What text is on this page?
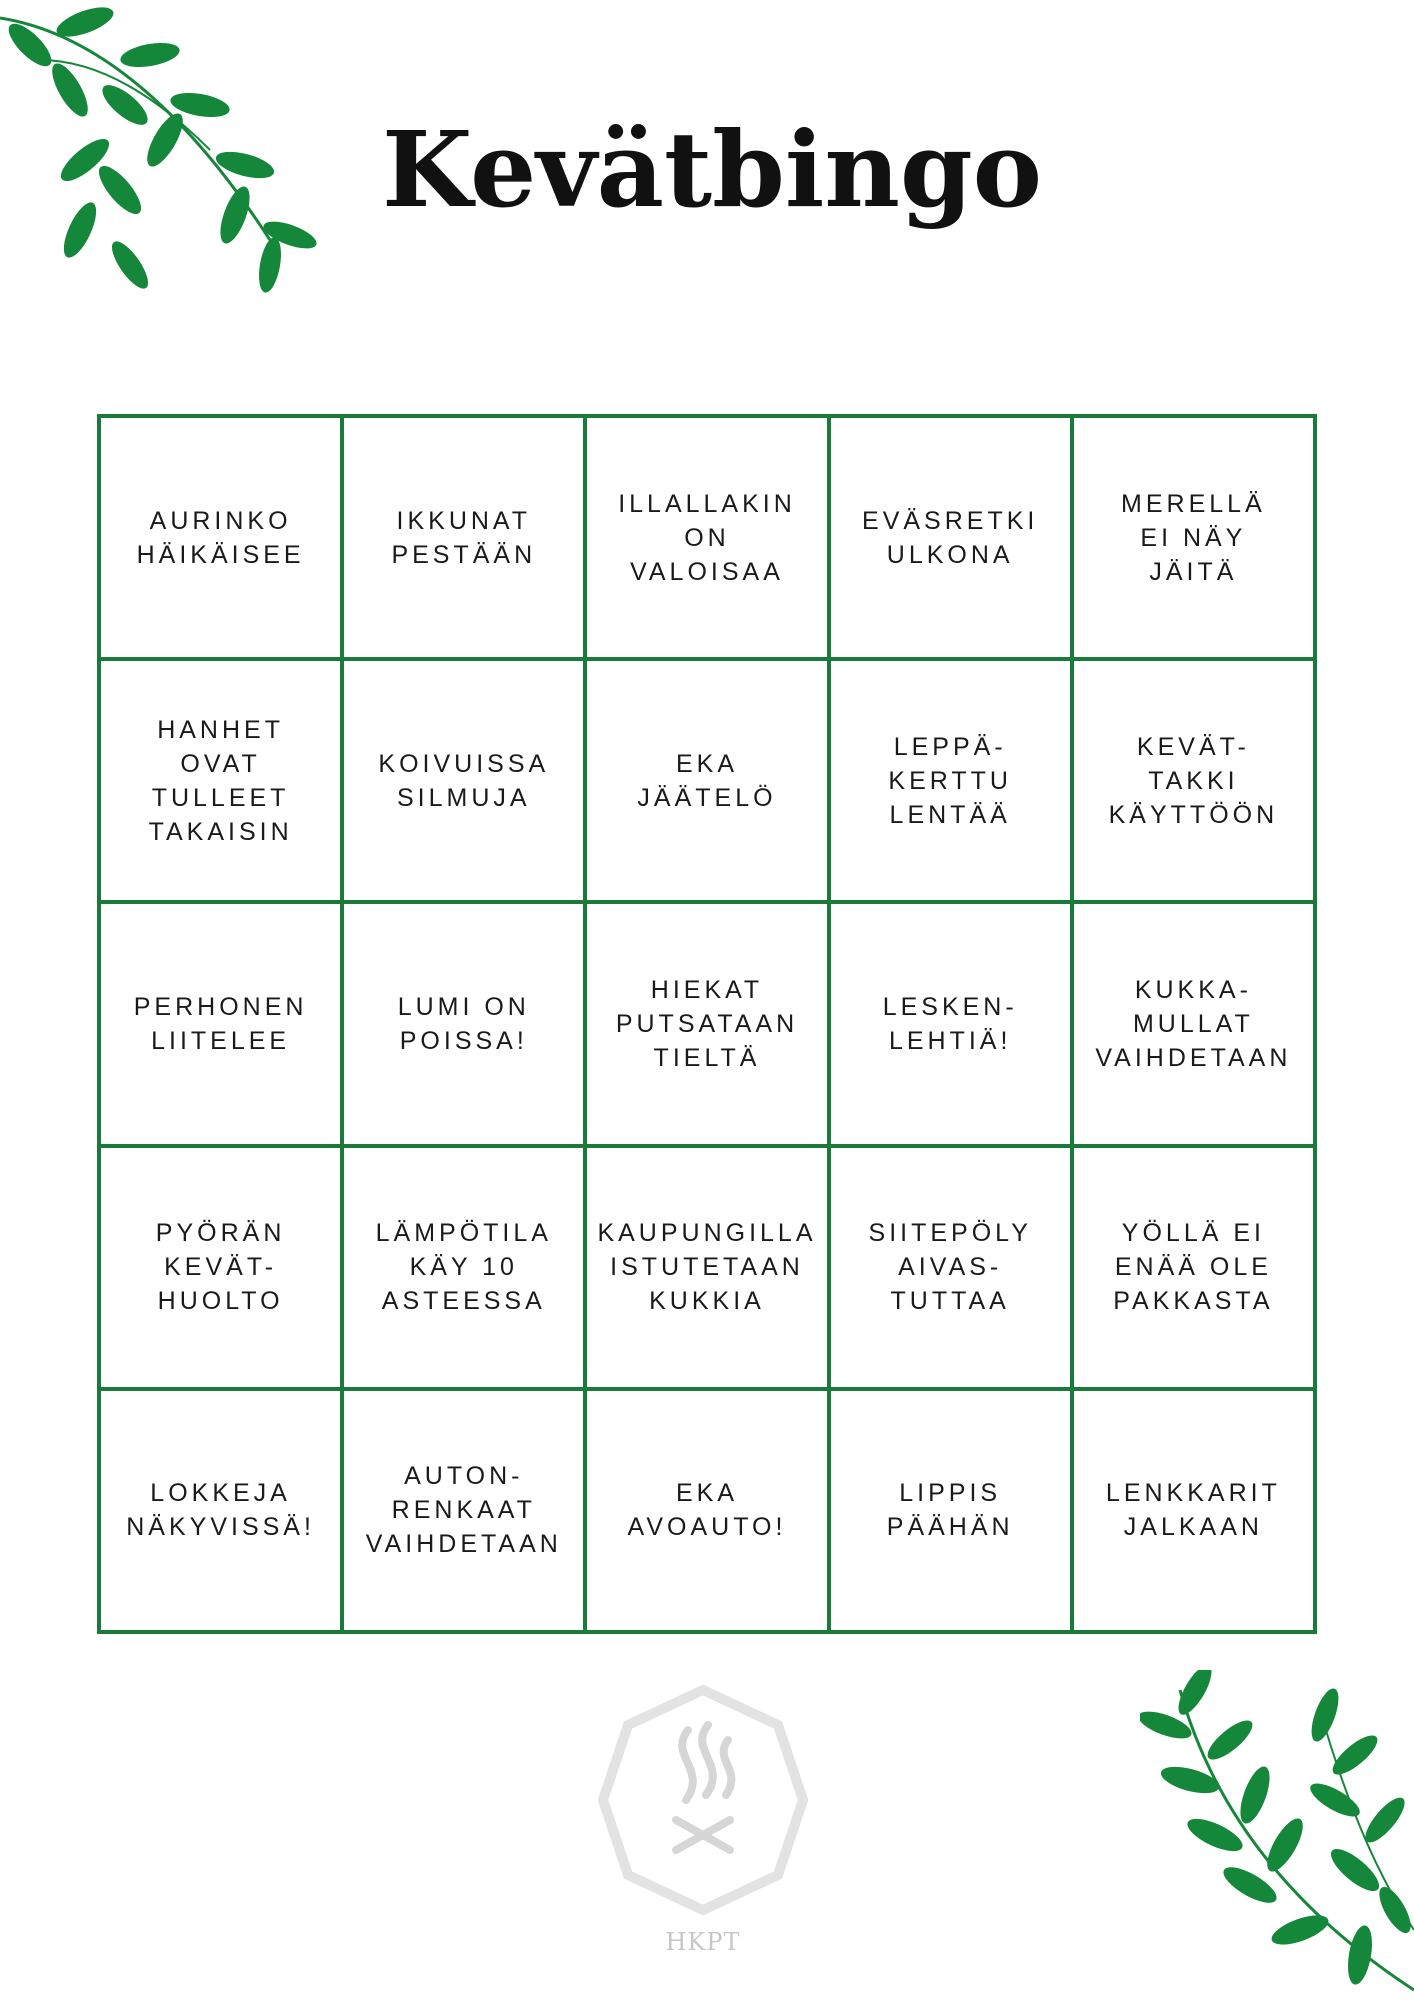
Kevätbingo
AURINKO
HÄIKÄISEE
IKKUNAT
PESTÄÄN
ILLALLAKIN
ON
VALOISAA
EVÄSRETKI
ULKONA
MERELLÄ
EI NÄY
JÄITÄ
HANHET
OVAT
TULLEET
TAKAISIN
KOIVUISSA
SILMUJA
EKA
JÄÄTELÖ
LEPPÄ-
KERTTU
LENTÄÄ
KEVÄT-
TAKKI
KÄYTTÖÖN
PERHONEN
LIITELEE
LUMI ON
POISSA!
HIEKAT
PUTSATAAN
TIELTÄ
LESKEN-
LEHTIÄ!
KUKKA-
MULLAT
VAIHDETAAN
PYÖRÄN
KEVÄT-
HUOLTO
LÄMPÖTILA
KÄY 10
ASTEESSA
KAUPUNGILLA
ISTUTETAAN
KUKKIA
SIITEPÖLY
AIVAS-
TUTTAA
YÖLLÄ EI
ENÄÄ OLE
PAKKASTA
LOKKEJA
NÄKYVISSÄ!
AUTON-
RENKAAT
VAIHDETAAN
EKA
AVOAUTO!
LIPPIS
PÄÄHÄN
LENKKARIT
JALKAAN
HKPT
